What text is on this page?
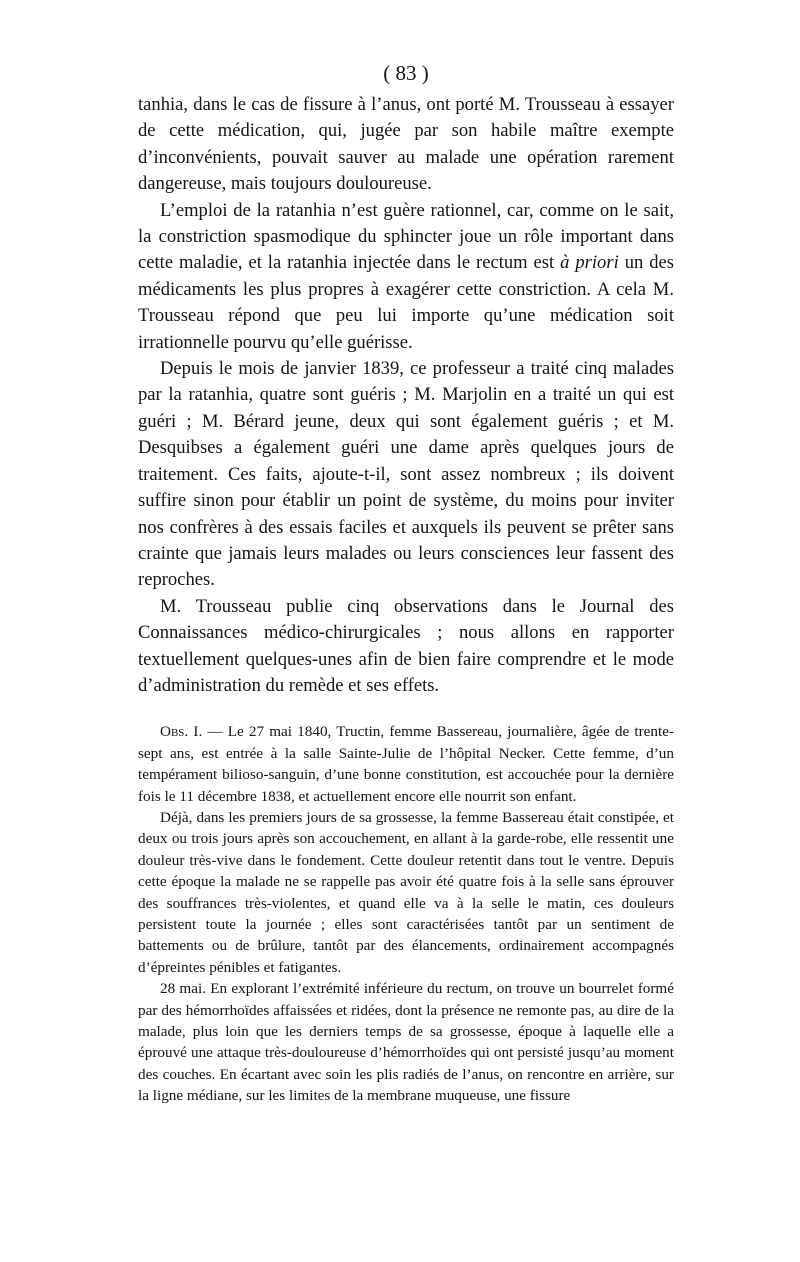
( 83 )

tanhia, dans le cas de fissure à l’anus, ont porté M. Trousseau à essayer de cette médication, qui, jugée par son habile maître exempte d’inconvénients, pouvait sauver au malade une opération rarement dangereuse, mais toujours douloureuse.

L’emploi de la ratanhia n’est guère rationnel, car, comme on le sait, la constriction spasmodique du sphincter joue un rôle important dans cette maladie, et la ratanhia injectée dans le rectum est à priori un des médicaments les plus propres à exagérer cette constriction. A cela M. Trousseau répond que peu lui importe qu’une médication soit irrationnelle pourvu qu’elle guérisse.

Depuis le mois de janvier 1839, ce professeur a traité cinq malades par la ratanhia, quatre sont guéris ; M. Marjolin en a traité un qui est guéri ; M. Bérard jeune, deux qui sont également guéris ; et M. Desquibses a également guéri une dame après quelques jours de traitement. Ces faits, ajoute-t-il, sont assez nombreux ; ils doivent suffire sinon pour établir un point de système, du moins pour inviter nos confrères à des essais faciles et auxquels ils peuvent se prêter sans crainte que jamais leurs malades ou leurs consciences leur fassent des reproches.

M. Trousseau publie cinq observations dans le Journal des Connaissances médico-chirurgicales ; nous allons en rapporter textuellement quelques-unes afin de bien faire comprendre et le mode d’administration du remède et ses effets.

Obs. I. — Le 27 mai 1840, Tructin, femme Bassereau, journalière, âgée de trente-sept ans, est entrée à la salle Sainte-Julie de l’hôpital Necker. Cette femme, d’un tempérament bilioso-sanguin, d’une bonne constitution, est accouchée pour la dernière fois le 11 décembre 1838, et actuellement encore elle nourrit son enfant.

Déjà, dans les premiers jours de sa grossesse, la femme Bassereau était constipée, et deux ou trois jours après son accouchement, en allant à la garde-robe, elle ressentit une douleur très-vive dans le fondement. Cette douleur retentit dans tout le ventre. Depuis cette époque la malade ne se rappelle pas avoir été quatre fois à la selle sans éprouver des souffrances très-violentes, et quand elle va à la selle le matin, ces douleurs persistent toute la journée ; elles sont caractérisées tantôt par un sentiment de battements ou de brûlure, tantôt par des élancements, ordinairement accompagnés d’épreintes pénibles et fatigantes.

28 mai. En explorant l’extrémité inférieure du rectum, on trouve un bourrelet formé par des hémorrhoïdes affaissées et ridées, dont la présence ne remonte pas, au dire de la malade, plus loin que les derniers temps de sa grossesse, époque à laquelle elle a éprouvé une attaque très-douloureuse d’hémorrhoïdes qui ont persisté jusqu’au moment des couches. En écartant avec soin les plis radiés de l’anus, on rencontre en arrière, sur la ligne médiane, sur les limites de la membrane muqueuse, une fissure
